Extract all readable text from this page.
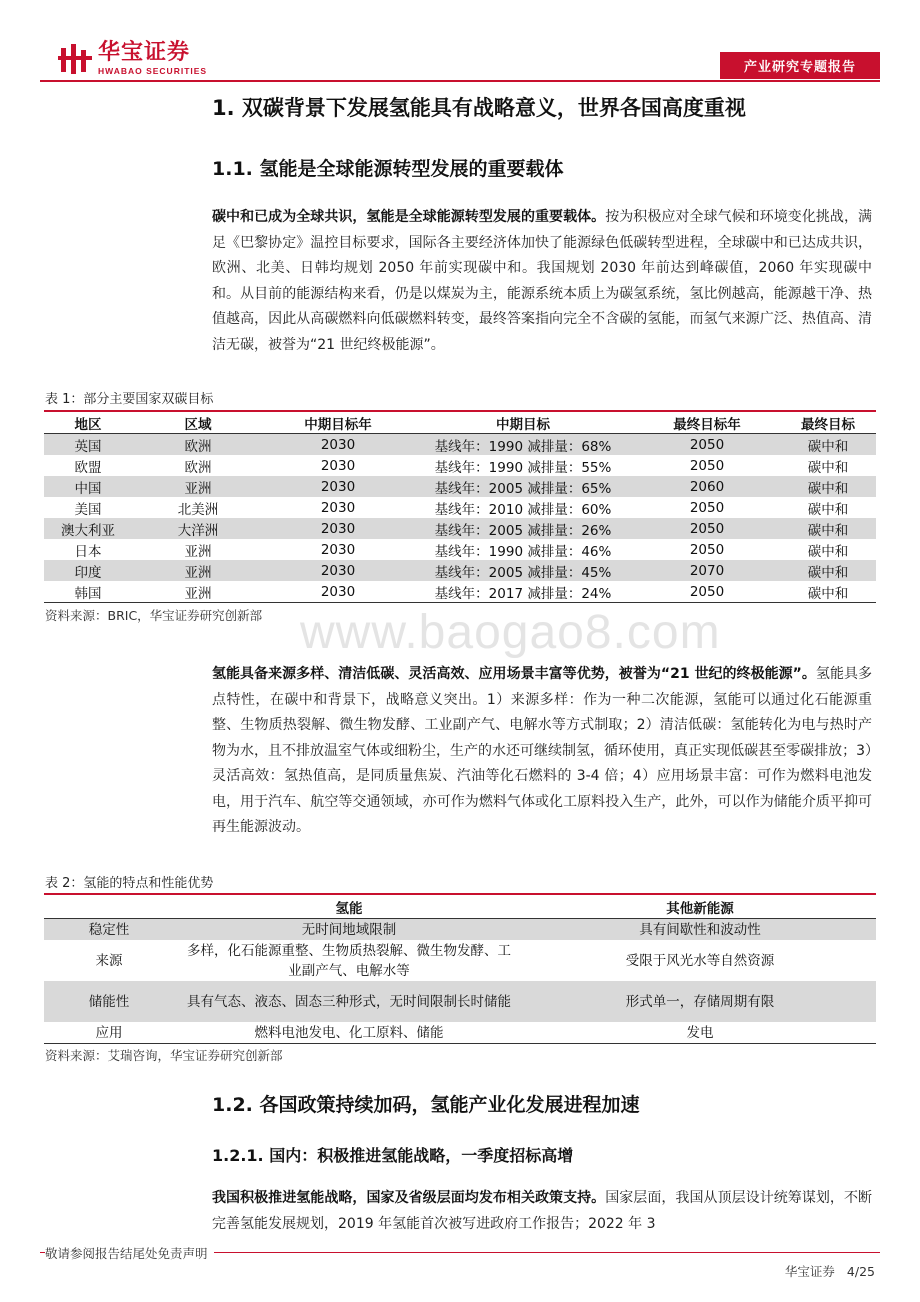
华宝证券
HWABAO SECURITIES	产业研究专题报告
1. 双碳背景下发展氢能具有战略意义，世界各国高度重视
1.1. 氢能是全球能源转型发展的重要载体
碳中和已成为全球共识，氢能是全球能源转型发展的重要载体。按为积极应对全球气候和环境变化挑战，满足《巴黎协定》温控目标要求，国际各主要经济体加快了能源绿色低碳转型进程，全球碳中和已达成共识，欧洲、北美、日韩均规划 2050 年前实现碳中和。我国规划 2030 年前达到峰碳值，2060 年实现碳中和。从目前的能源结构来看，仍是以煤炭为主，能源系统本质上为碳氢系统，氢比例越高，能源越干净、热值越高，因此从高碳燃料向低碳燃料转变，最终答案指向完全不含碳的氢能，而氢气来源广泛、热值高、清洁无碳，被誉为“21 世纪终极能源”。
表 1：部分主要国家双碳目标
地区	区域	中期目标年	中期目标	最终目标年	最终目标
英国	欧洲	2030	基线年：1990 减排量：68%	2050	碳中和
欧盟	欧洲	2030	基线年：1990 减排量：55%	2050	碳中和
中国	亚洲	2030	基线年：2005 减排量：65%	2060	碳中和
美国	北美洲	2030	基线年：2010 减排量：60%	2050	碳中和
澳大利亚	大洋洲	2030	基线年：2005 减排量：26%	2050	碳中和
日本	亚洲	2030	基线年：1990 减排量：46%	2050	碳中和
印度	亚洲	2030	基线年：2005 减排量：45%	2070	碳中和
韩国	亚洲	2030	基线年：2017 减排量：24%	2050	碳中和
资料来源：BRIC，华宝证券研究创新部 www.baogao8.com
氢能具备来源多样、清洁低碳、灵活高效、应用场景丰富等优势，被誉为“21 世纪的终极能源”。氢能具多点特性，在碳中和背景下，战略意义突出。1）来源多样：作为一种二次能源，氢能可以通过化石能源重整、生物质热裂解、微生物发酵、工业副产气、电解水等方式制取；2）清洁低碳：氢能转化为电与热时产物为水，且不排放温室气体或细粉尘，生产的水还可继续制氢，循环使用，真正实现低碳甚至零碳排放；3）灵活高效：氢热值高，是同质量焦炭、汽油等化石燃料的 3-4 倍；4）应用场景丰富：可作为燃料电池发电，用于汽车、航空等交通领域，亦可作为燃料气体或化工原料投入生产，此外，可以作为储能介质平抑可再生能源波动。
表 2：氢能的特点和性能优势
	氢能	其他新能源
稳定性	无时间地域限制	具有间歇性和波动性
来源	多样，化石能源重整、生物质热裂解、微生物发酵、工业副产气、电解水等	受限于风光水等自然资源
储能性	具有气态、液态、固态三种形式，无时间限制长时储能	形式单一，存储周期有限
应用	燃料电池发电、化工原料、储能	发电
资料来源：艾瑞咨询，华宝证券研究创新部
1.2. 各国政策持续加码，氢能产业化发展进程加速
1.2.1. 国内：积极推进氢能战略，一季度招标高增
我国积极推进氢能战略，国家及省级层面均发布相关政策支持。国家层面，我国从顶层设计统筹谋划，不断完善氢能发展规划，2019 年氢能首次被写进政府工作报告；2022 年 3
敬请参阅报告结尾处免责声明
华宝证券 4/25
